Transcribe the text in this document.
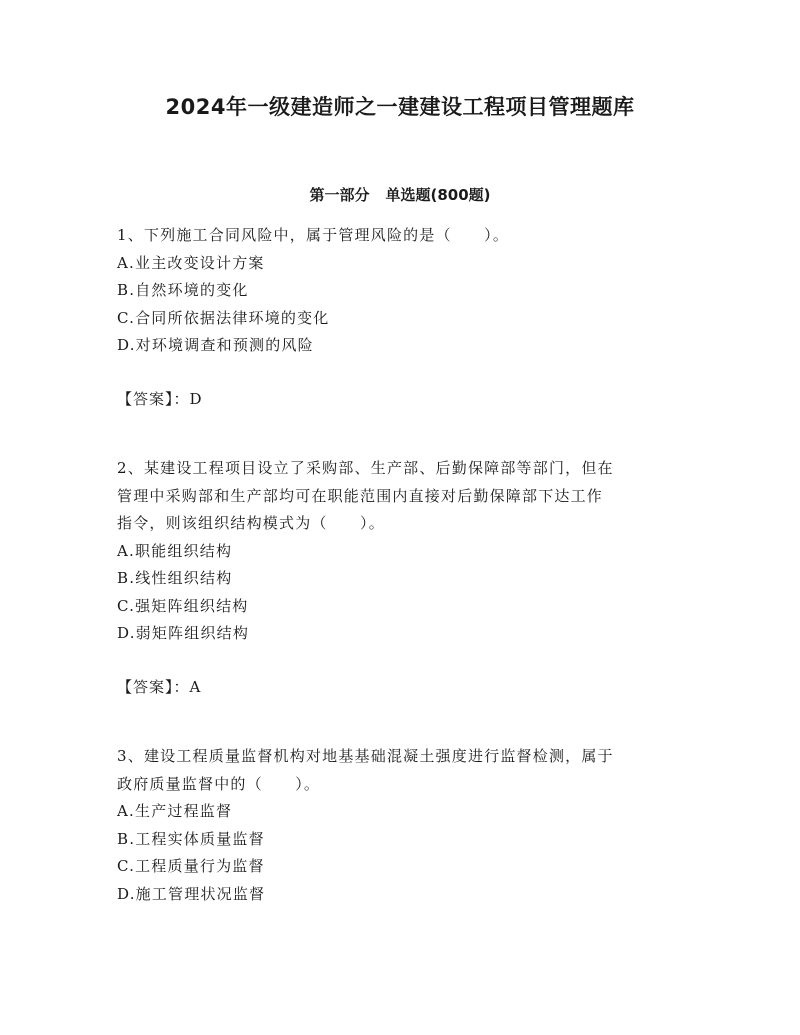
2024年一级建造师之一建建设工程项目管理题库
第一部分 单选题(800题)

1、下列施工合同风险中，属于管理风险的是（　　）。

A.业主改变设计方案

B.自然环境的变化

C.合同所依据法律环境的变化

D.对环境调查和预测的风险

【答案】：D

2、某建设工程项目设立了采购部、生产部、后勤保障部等部门，但在

管理中采购部和生产部均可在职能范围内直接对后勤保障部下达工作

指令，则该组织结构模式为（　　）。

A.职能组织结构

B.线性组织结构

C.强矩阵组织结构

D.弱矩阵组织结构

【答案】：A

3、建设工程质量监督机构对地基基础混凝土强度进行监督检测，属于

政府质量监督中的（　　）。

A.生产过程监督

B.工程实体质量监督

C.工程质量行为监督

D.施工管理状况监督
